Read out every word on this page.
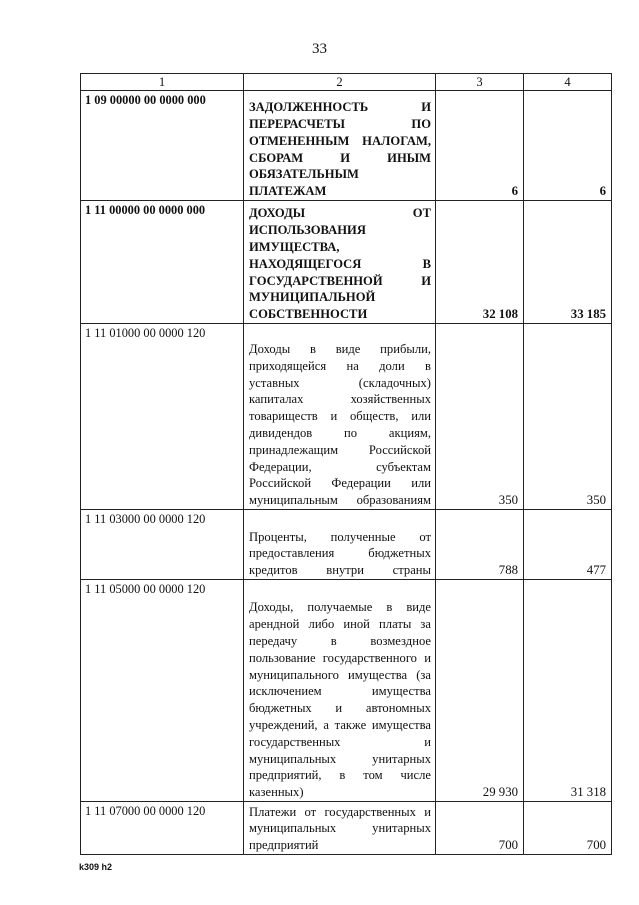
33
1	2	3	4
1 09 00000 00 0000 000	ЗАДОЛЖЕННОСТЬ И ПЕРЕРАСЧЕТЫ ПО ОТМЕНЕННЫМ НАЛОГАМ, СБОРАМ И ИНЫМ ОБЯЗАТЕЛЬНЫМ ПЛАТЕЖАМ	6	6
1 11 00000 00 0000 000	ДОХОДЫ ОТ ИСПОЛЬЗОВАНИЯ ИМУЩЕСТВА, НАХОДЯЩЕГОСЯ В ГОСУДАРСТВЕННОЙ И МУНИЦИПАЛЬНОЙ СОБСТВЕННОСТИ	32 108	33 185
1 11 01000 00 0000 120	Доходы в виде прибыли, приходящейся на доли в уставных (складочных) капиталах хозяйственных товариществ и обществ, или дивидендов по акциям, принадлежащим Российской Федерации, субъектам Российской Федерации или муниципальным образованиям	350	350
1 11 03000 00 0000 120	Проценты, полученные от предоставления бюджетных кредитов внутри страны	788	477
1 11 05000 00 0000 120	Доходы, получаемые в виде арендной либо иной платы за передачу в возмездное пользование государственного и муниципального имущества (за исключением имущества бюджетных и автономных учреждений, а также имущества государственных и муниципальных унитарных предприятий, в том числе казенных)	29 930	31 318
1 11 07000 00 0000 120	Платежи от государственных и муниципальных унитарных предприятий	700	700
k309 h2
